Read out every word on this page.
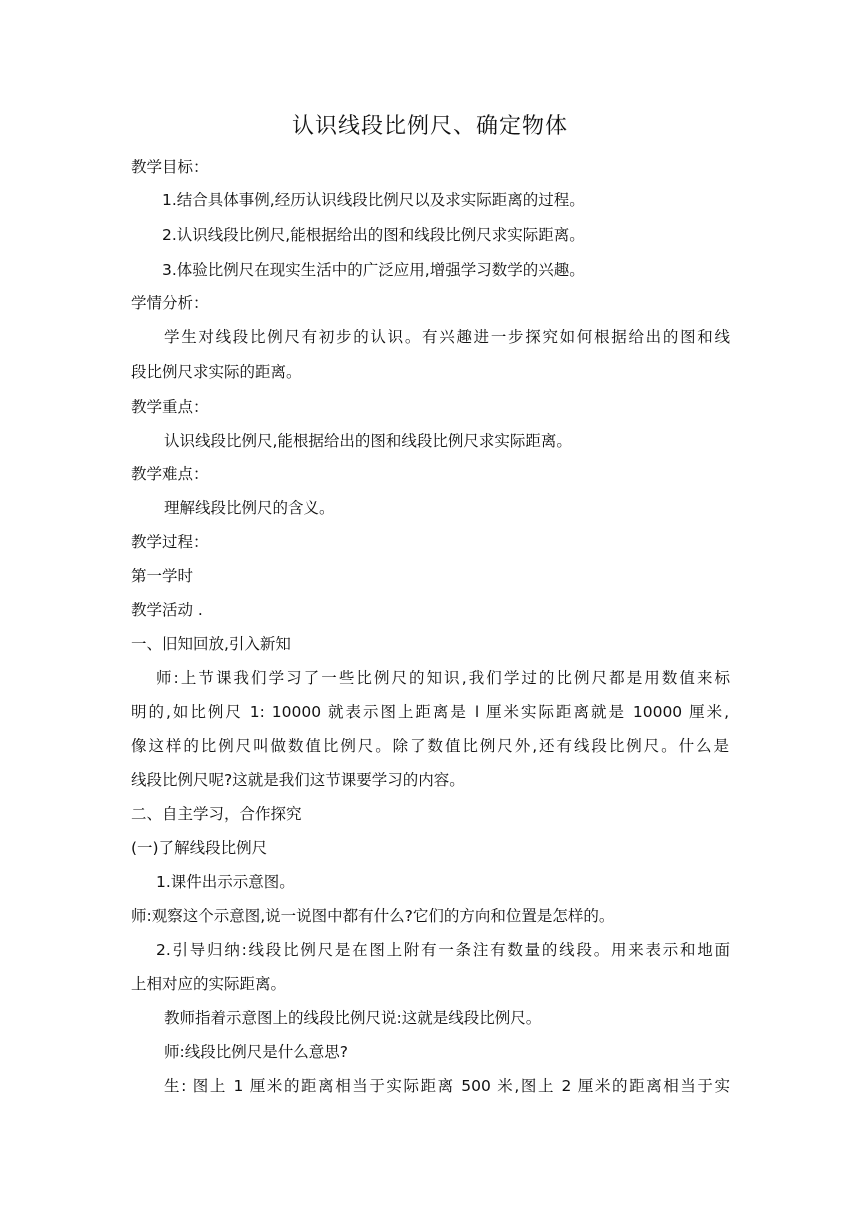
认识线段比例尺、确定物体
教学目标：
1.结合具体事例,经历认识线段比例尺以及求实际距离的过程。
2.认识线段比例尺,能根据给出的图和线段比例尺求实际距离。
3.体验比例尺在现实生活中的广泛应用,增强学习数学的兴趣。
学情分析：
学生对线段比例尺有初步的认识。有兴趣进一步探究如何根据给出的图和线
段比例尺求实际的距离。
教学重点：
认识线段比例尺,能根据给出的图和线段比例尺求实际距离。
教学难点：
理解线段比例尺的含义。
教学过程：
第一学时
教学活动 .
一、旧知回放,引入新知
师:上节课我们学习了一些比例尺的知识,我们学过的比例尺都是用数值来标
明的,如比例尺 1: 10000 就表示图上距离是 l 厘米实际距离就是 10000 厘米,
像这样的比例尺叫做数值比例尺。除了数值比例尺外,还有线段比例尺。什么是
线段比例尺呢?这就是我们这节课要学习的内容。
二、自主学习，合作探究
(一)了解线段比例尺
1.课件出示示意图。
师:观察这个示意图,说一说图中都有什么?它们的方向和位置是怎样的。
2.引导归纳:线段比例尺是在图上附有一条注有数量的线段。用来表示和地面
上相对应的实际距离。
教师指着示意图上的线段比例尺说:这就是线段比例尺。
师:线段比例尺是什么意思?
生: 图上 1 厘米的距离相当于实际距离 500 米,图上 2 厘米的距离相当于实
